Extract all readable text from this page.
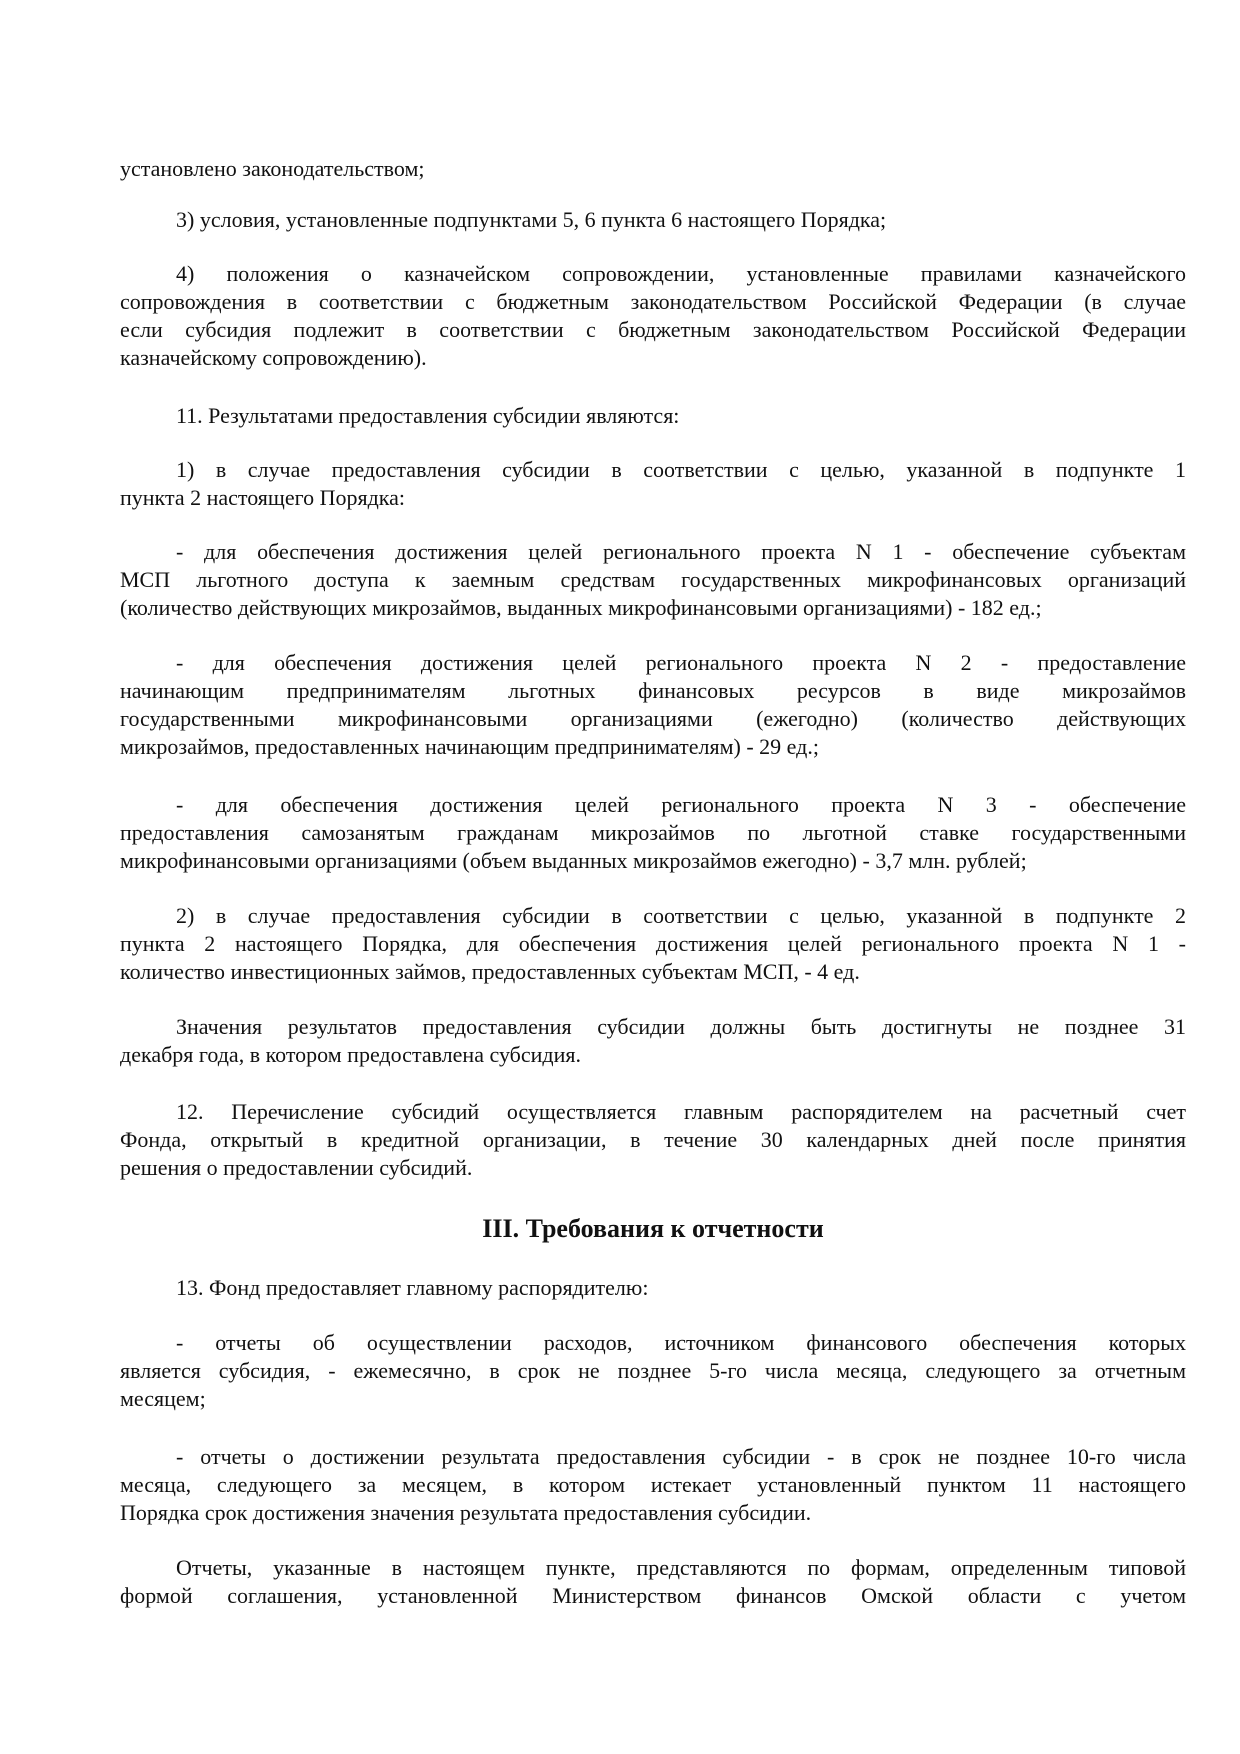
установлено законодательством;
3) условия, установленные подпунктами 5, 6 пункта 6 настоящего Порядка;
4) положения о казначейском сопровождении, установленные правилами казначейского
сопровождения в соответствии с бюджетным законодательством Российской Федерации (в случае
если субсидия подлежит в соответствии с бюджетным законодательством Российской Федерации
казначейскому сопровождению).
11. Результатами предоставления субсидии являются:
1) в случае предоставления субсидии в соответствии с целью, указанной в подпункте 1
пункта 2 настоящего Порядка:
- для обеспечения достижения целей регионального проекта N 1 - обеспечение субъектам
МСП льготного доступа к заемным средствам государственных микрофинансовых организаций
(количество действующих микрозаймов, выданных микрофинансовыми организациями) - 182 ед.;
- для обеспечения достижения целей регионального проекта N 2 - предоставление
начинающим предпринимателям льготных финансовых ресурсов в виде микрозаймов
государственными микрофинансовыми организациями (ежегодно) (количество действующих
микрозаймов, предоставленных начинающим предпринимателям) - 29 ед.;
- для обеспечения достижения целей регионального проекта N 3 - обеспечение
предоставления самозанятым гражданам микрозаймов по льготной ставке государственными
микрофинансовыми организациями (объем выданных микрозаймов ежегодно) - 3,7 млн. рублей;
2) в случае предоставления субсидии в соответствии с целью, указанной в подпункте 2
пункта 2 настоящего Порядка, для обеспечения достижения целей регионального проекта N 1 -
количество инвестиционных займов, предоставленных субъектам МСП, - 4 ед.
Значения результатов предоставления субсидии должны быть достигнуты не позднее 31
декабря года, в котором предоставлена субсидия.
12. Перечисление субсидий осуществляется главным распорядителем на расчетный счет
Фонда, открытый в кредитной организации, в течение 30 календарных дней после принятия
решения о предоставлении субсидий.
13. Фонд предоставляет главному распорядителю:
- отчеты об осуществлении расходов, источником финансового обеспечения которых
является субсидия, - ежемесячно, в срок не позднее 5-го числа месяца, следующего за отчетным
месяцем;
- отчеты о достижении результата предоставления субсидии - в срок не позднее 10-го числа
месяца, следующего за месяцем, в котором истекает установленный пунктом 11 настоящего
Порядка срок достижения значения результата предоставления субсидии.
Отчеты, указанные в настоящем пункте, представляются по формам, определенным типовой
формой соглашения, установленной Министерством финансов Омской области с учетом
III. Требования к отчетности
